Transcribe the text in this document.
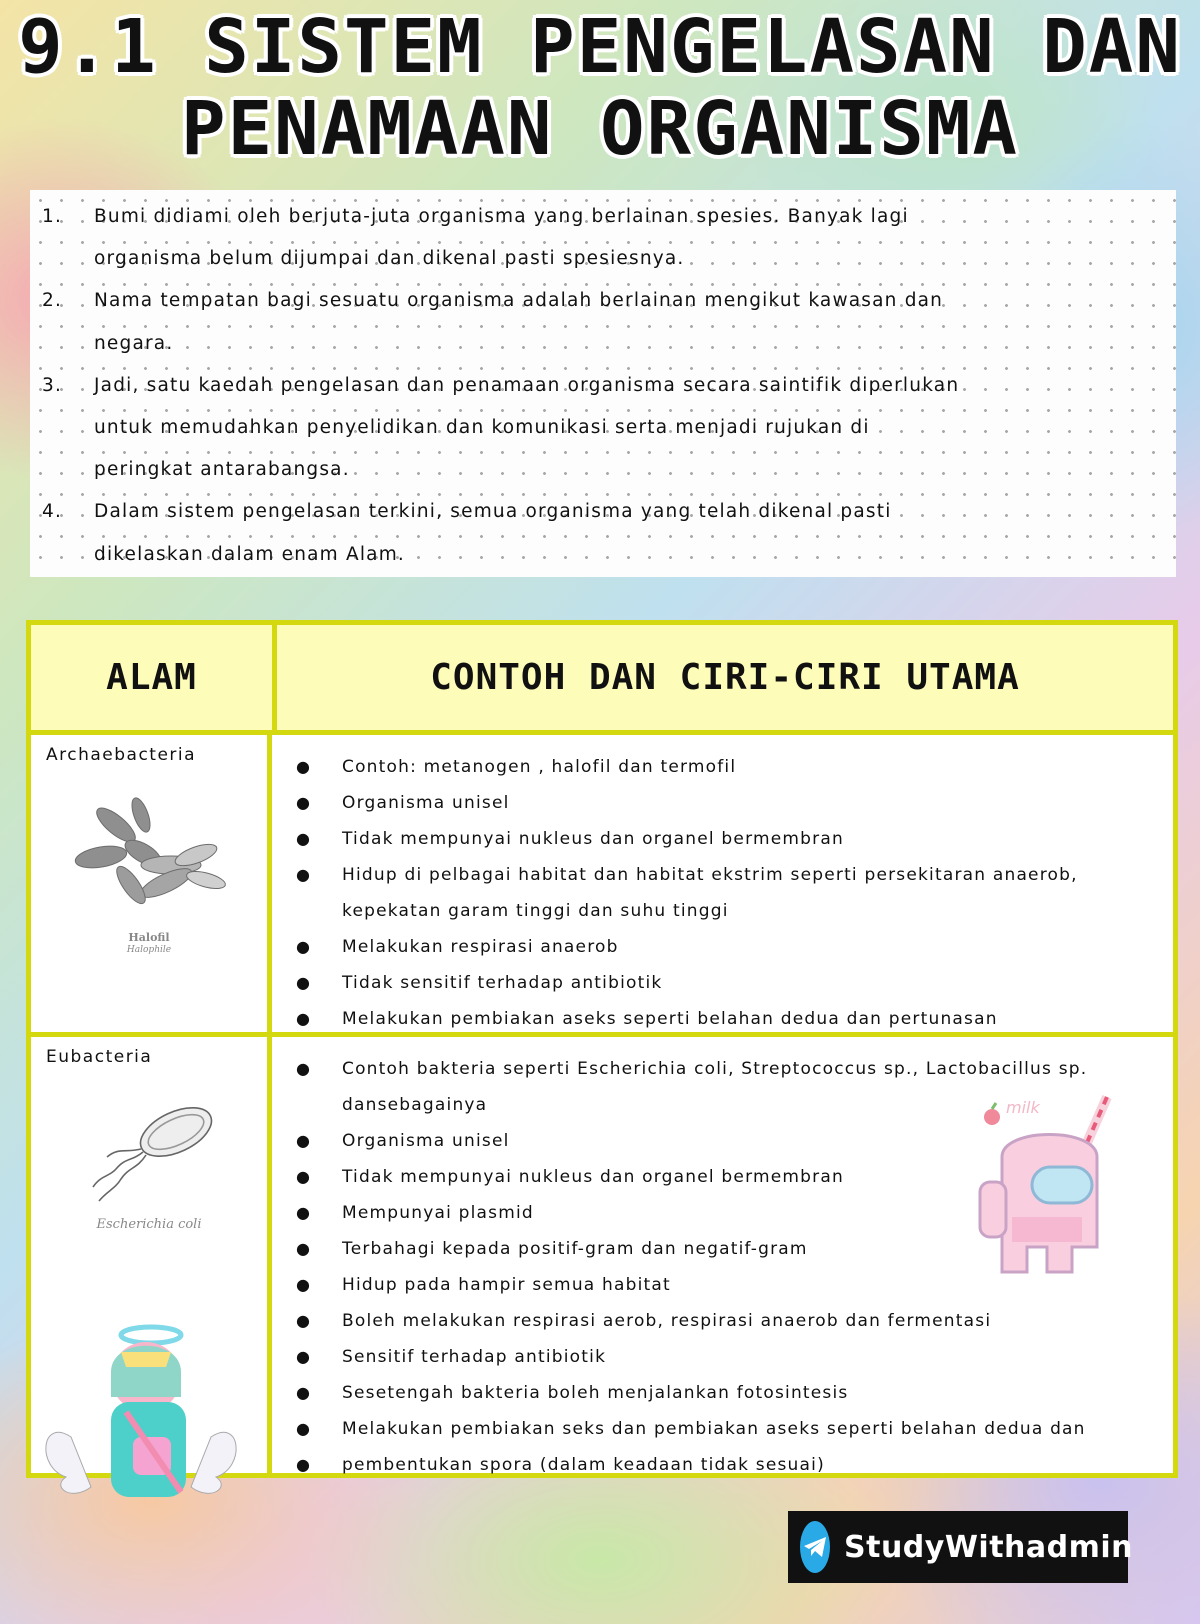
9.1 SISTEM PENGELASAN DAN
PENAMAAN ORGANISMA
1.	Bumi didiami oleh berjuta-juta organisma yang berlainan spesies. Banyak lagi
organisma belum dijumpai dan dikenal pasti spesiesnya.
2.	Nama tempatan bagi sesuatu organisma adalah berlainan mengikut kawasan dan
negara.
3.	Jadi, satu kaedah pengelasan dan penamaan organisma secara saintifik diperlukan
untuk memudahkan penyelidikan dan komunikasi serta menjadi rujukan di
peringkat antarabangsa.
4.	Dalam sistem pengelasan terkini, semua organisma yang telah dikenal pasti
dikelaskan dalam enam Alam.
ALAM	CONTOH DAN CIRI-CIRI UTAMA
Archaebacteria
Halofil
Halophile
●	Contoh: metanogen , halofil dan termofil
●	Organisma unisel
●	Tidak mempunyai nukleus dan organel bermembran
●	Hidup di pelbagai habitat dan habitat ekstrim seperti persekitaran anaerob,
kepekatan garam tinggi dan suhu tinggi
●	Melakukan respirasi anaerob
●	Tidak sensitif terhadap antibiotik
●	Melakukan pembiakan aseks seperti belahan dedua dan pertunasan
Eubacteria
Escherichia coli
●	Contoh bakteria seperti Escherichia coli, Streptococcus sp., Lactobacillus sp.
dansebagainya
●	Organisma unisel
●	Tidak mempunyai nukleus dan organel bermembran
●	Mempunyai plasmid
●	Terbahagi kepada positif-gram dan negatif-gram
●	Hidup pada hampir semua habitat
●	Boleh melakukan respirasi aerob, respirasi anaerob dan fermentasi
●	Sensitif terhadap antibiotik
●	Sesetengah bakteria boleh menjalankan fotosintesis
●	Melakukan pembiakan seks dan pembiakan aseks seperti belahan dedua dan
●	pembentukan spora (dalam keadaan tidak sesuai)
milk
StudyWithadmin
